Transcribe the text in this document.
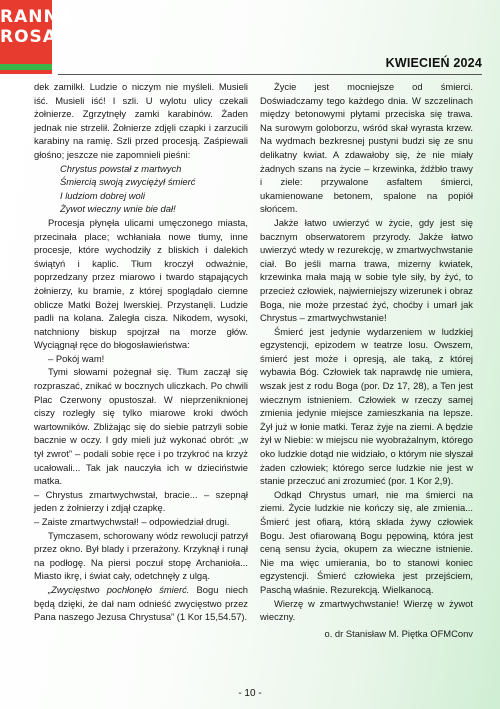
RANNA
ROSA
KWIECIEŃ 2024

dek zamilkł. Ludzie o niczym nie myśleli. Musieli iść. Musieli iść! I szli. U wylotu ulicy czekali żołnierze. Zgrzytnęły zamki karabinów. Żaden jednak nie strzelił. Żołnierze zdjęli czapki i zarzucili karabiny na ramię. Szli przed procesją. Zaśpiewali głośno; jeszcze nie zapomnieli pieśni:

Chrystus powstał z martwych

Śmiercią swoją zwyciężył śmierć

I ludziom dobrej woli

Żywot wieczny wnie bie dał!

Procesja płynęła ulicami umęczonego miasta, przecinała place; wchłaniała nowe tłumy, inne procesje, które wychodziły z bliskich i dalekich świątyń i kaplic. Tłum kroczył odważnie, poprzedzany przez miarowo i twardo stąpających żołnierzy, ku bramie, z której spoglądało ciemne oblicze Matki Bożej Iwerskiej. Przystanęli. Ludzie padli na kolana. Zaległa cisza. Nikodem, wysoki, natchniony biskup spojrzał na morze głów. Wyciągnął ręce do błogosławieństwa:

– Pokój wam!

Tymi słowami pożegnał się. Tłum zaczął się rozpraszać, znikać w bocznych uliczkach. Po chwili Plac Czerwony opustoszał. W nieprzeniknionej ciszy rozległy się tylko miarowe kroki dwóch wartowników. Zbliżając się do siebie patrzyli sobie bacznie w oczy. I gdy mieli już wykonać obrót: „w tył zwrot” – podali sobie ręce i po trzykroć na krzyż ucałowali... Tak jak nauczyła ich w dzieciństwie matka.

– Chrystus zmartwychwstał, bracie... – szepnął jeden z żołnierzy i zdjął czapkę.

– Zaiste zmartwychwstał! – odpowiedział drugi.

Tymczasem, schorowany wódz rewolucji patrzył przez okno. Był blady i przerażony. Krzyknął i runął na podłogę. Na piersi poczuł stopę Archanioła... Miasto ikrę, i świat cały, odetchnęły z ulgą.

„Zwycięstwo pochłonęło śmierć. Bogu niech będą dzięki, że dał nam odnieść zwycięstwo przez Pana naszego Jezusa Chrystusa” (1 Kor 15,54.57).

Życie jest mocniejsze od śmierci. Doświadczamy tego każdego dnia. W szczelinach między betonowymi płytami przeciska się trawa. Na surowym goloborzu, wśród skał wyrasta krzew. Na wydmach bezkresnej pustyni budzi się ze snu delikatny kwiat. A zdawałoby się, że nie miały żadnych szans na życie – krzewinka, źdźbło trawy i ziele: przywalone asfaltem śmierci, ukamienowane betonem, spalone na popiół słońcem.

Jakże łatwo uwierzyć w życie, gdy jest się bacznym obserwatorem przyrody. Jakże łatwo uwierzyć wtedy w rezurekcję, w zmartwychwstanie ciał. Bo jeśli marna trawa, mizerny kwiatek, krzewinka mała mają w sobie tyle siły, by żyć, to przecież człowiek, najwierniejszy wizerunek i obraz Boga, nie może przestać żyć, choćby i umarł jak Chrystus – zmartwychwstanie!

Śmierć jest jedynie wydarzeniem w ludzkiej egzystencji, epizodem w teatrze losu. Owszem, śmierć jest może i opresją, ale taką, z której wybawia Bóg. Człowiek tak naprawdę nie umiera, wszak jest z rodu Boga (por. Dz 17, 28), a Ten jest wiecznym istnieniem. Człowiek w rzeczy samej zmienia jedynie miejsce zamieszkania na lepsze. Żył już w łonie matki. Teraz żyje na ziemi. A będzie żył w Niebie: w miejscu nie wyobrażalnym, którego oko ludzkie dotąd nie widziało, o którym nie słyszał żaden człowiek; którego serce ludzkie nie jest w stanie przeczuć ani zrozumieć (por. 1 Kor 2,9).

Odkąd Chrystus umarł, nie ma śmierci na ziemi. Życie ludzkie nie kończy się, ale zmienia... Śmierć jest ofiarą, którą składa żywy człowiek Bogu. Jest ofiarowaną Bogu pępowiną, która jest ceną sensu życia, okupem za wieczne istnienie. Nie ma więc umierania, bo to stanowi koniec egzystencji. Śmierć człowieka jest przejściem, Paschą właśnie. Rezurekcją. Wielkanocą.

Wierzę w zmartwychwstanie! Wierzę w żywot wieczny.

o. dr Stanisław M. Piętka OFMConv

- 10 -
